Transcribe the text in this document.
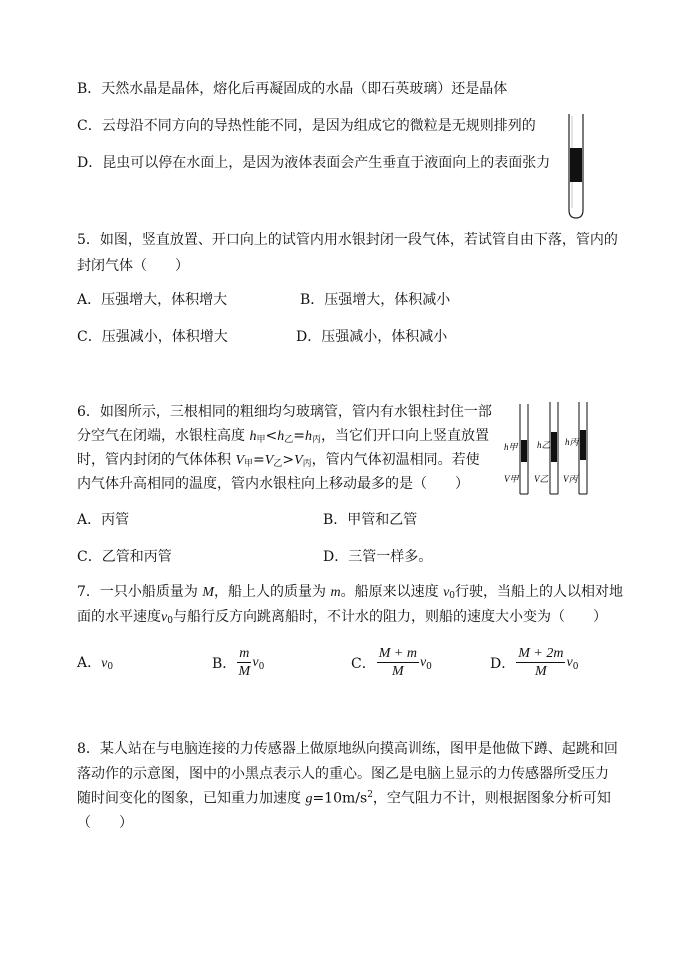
B．天然水晶是晶体，熔化后再凝固成的水晶（即石英玻璃）还是晶体
C．云母沿不同方向的导热性能不同，是因为组成它的微粒是无规则排列的
D．昆虫可以停在水面上，是因为液体表面会产生垂直于液面向上的表面张力
5．如图，竖直放置、开口向上的试管内用水银封闭一段气体，若试管自由下落，管内的
封闭气体（　　）
A．压强增大，体积增大	B．压强增大，体积减小
C．压强减小，体积增大	D．压强减小，体积减小
6．如图所示，三根相同的粗细均匀玻璃管，管内有水银柱封住一部
分空气在闭端，水银柱高度 $h_甲<h_乙=h_丙$，当它们开口向上竖直放置
时，管内封闭的气体体积 $V_甲=V_乙>V_丙$，管内气体初温相同。若使
内气体升高相同的温度，管内水银柱向上移动最多的是（　　）
h甲 h乙 h丙
V甲 V乙 V丙
A．丙管	B．甲管和乙管
C．乙管和丙管	D．三管一样多。
7．一只小船质量为 M，船上人的质量为 m。船原来以速度 $v_0$行驶，当船上的人以相对地
面的水平速度$v_0$与船行反方向跳离船时，不计水的阻力，则船的速度大小变为（　　）
A．$v_0$	B． $\frac{m}{M} v_0$	C． $\frac{M + m}{M} v_0$	D． $\frac{M + 2m}{M} v_0$
8．某人站在与电脑连接的力传感器上做原地纵向摸高训练，图甲是他做下蹲、起跳和回
落动作的示意图，图中的小黑点表示人的重心。图乙是电脑上显示的力传感器所受压力
随时间变化的图象，已知重力加速度 $g=10m/s^2$，空气阻力不计，则根据图象分析可知
（　　）
